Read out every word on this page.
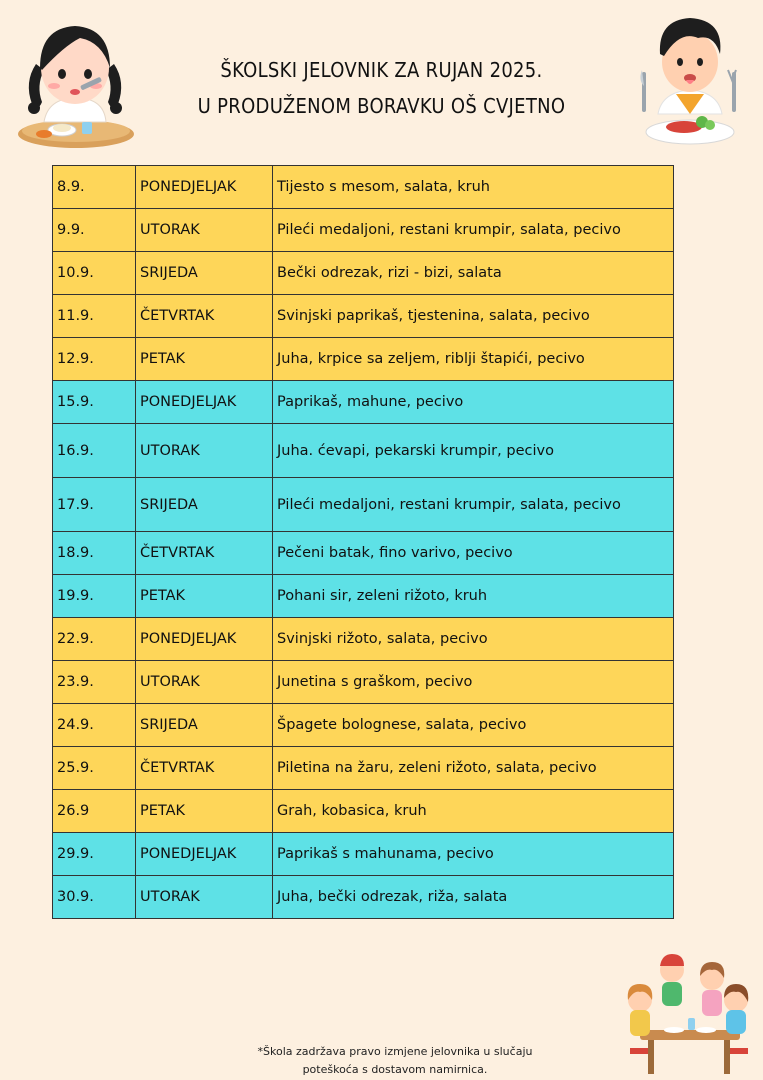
ŠKOLSKI JELOVNIK ZA RUJAN 2025.
U PRODUŽENOM BORAVKU OŠ CVJETNO
8.9.	PONEDJELJAK	Tijesto s mesom, salata, kruh
9.9.	UTORAK	Pileći medaljoni, restani krumpir, salata, pecivo
10.9.	SRIJEDA	Bečki odrezak, rizi - bizi, salata
11.9.	ČETVRTAK	Svinjski paprikaš, tjestenina, salata, pecivo
12.9.	PETAK	Juha, krpice sa zeljem, riblji štapići, pecivo
15.9.	PONEDJELJAK	Paprikaš, mahune, pecivo
16.9.	UTORAK	Juha. ćevapi, pekarski krumpir, pecivo
17.9.	SRIJEDA	Pileći medaljoni, restani krumpir, salata, pecivo
18.9.	ČETVRTAK	Pečeni batak, fino varivo, pecivo
19.9.	PETAK	Pohani sir, zeleni rižoto, kruh
22.9.	PONEDJELJAK	Svinjski rižoto, salata, pecivo
23.9.	UTORAK	Junetina s graškom, pecivo
24.9.	SRIJEDA	Špagete bolognese, salata, pecivo
25.9.	ČETVRTAK	Piletina na žaru, zeleni rižoto, salata, pecivo
26.9	PETAK	Grah, kobasica, kruh
29.9.	PONEDJELJAK	Paprikaš s mahunama, pecivo
30.9.	UTORAK	Juha, bečki odrezak, riža, salata
*Škola zadržava pravo izmjene jelovnika u slučaju
poteškoća s dostavom namirnica.
